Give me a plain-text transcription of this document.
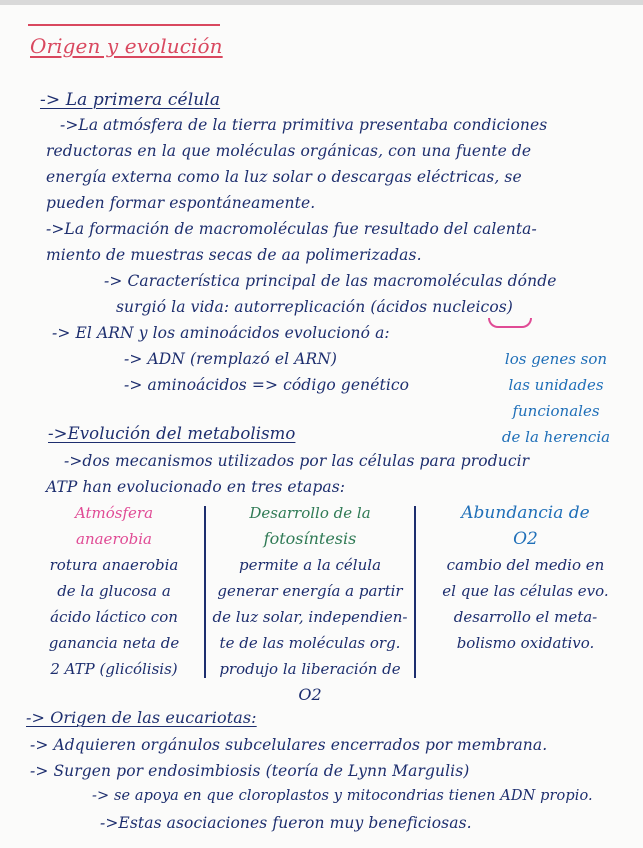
Origen y evolución
-> La primera célula
->La atmósfera de la tierra primitiva presentaba condiciones
reductoras en la que moléculas orgánicas, con una fuente de
energía externa como la luz solar o descargas eléctricas, se
pueden formar espontáneamente.
->La formación de macromoléculas fue resultado del calenta-
miento de muestras secas de aa polimerizadas.
-> Característica principal de las macromoléculas dónde
surgió la vida: autorreplicación (ácidos nucleicos)
-> El ARN y los aminoácidos evolucionó a:
-> ADN (remplazó el ARN)
-> aminoácidos => código genético
los genes son
las unidades
funcionales
de la herencia
->Evolución del metabolismo
->dos mecanismos utilizados por las células para producir
ATP han evolucionado en tres etapas:
Atmósfera
anaerobia
rotura anaerobia
de la glucosa a
ácido láctico con
ganancia neta de
2 ATP (glicólisis)
Desarrollo de la
fotosíntesis
permite a la célula
generar energía a partir
de luz solar, independien-
te de las moléculas org.
produjo la liberación de
O2
Abundancia de
O2
cambio del medio en
el que las células evo.
desarrollo el meta-
bolismo oxidativo.
-> Origen de las eucariotas:
-> Adquieren orgánulos subcelulares encerrados por membrana.
-> Surgen por endosimbiosis (teoría de Lynn Margulis)
-> se apoya en que cloroplastos y mitocondrias tienen ADN propio.
->Estas asociaciones fueron muy beneficiosas.
